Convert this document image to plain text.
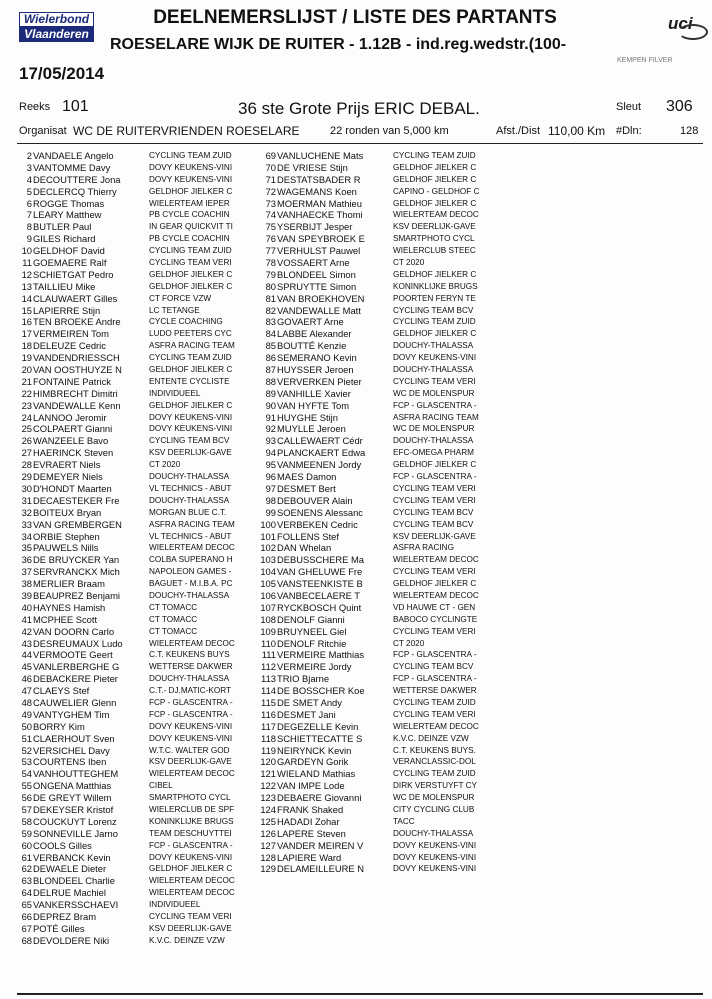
Wielerbond
Vlaanderen
DEELNEMERSLIJST / LISTE DES PARTANTS
ROESELARE WIJK DE RUITER - 1.12B - ind.reg.wedstr.(100-
uci
KEMPEN FILVER
17/05/2014
Reeks 101	36 ste Grote Prijs ERIC DEBAL.	Sleut 306
Organisat WC DE RUITERVRIENDEN ROESELARE	22 ronden van 5,000 km	Afst./Dist 110,00 Km #Dln:	128
2 VANDAELE Angelo	CYCLING TEAM ZUID
3 VANTOMME Davy	DOVY KEUKENS-VINI
4 DECOUTTERE Jona	DOVY KEUKENS-VINI
5 DECLERCQ Thierry	GELDHOF JIELKER C
6 ROGGE Thomas	WIELERTEAM IEPER
7 LEARY Matthew	PB CYCLE COACHIN
8 BUTLER Paul	IN GEAR QUICKVIT TI
9 GILES Richard	PB CYCLE COACHIN
10 GELDHOF David	CYCLING TEAM ZUID
11 GOEMAERE Ralf	CYCLING TEAM VERI
12 SCHIETGAT Pedro	GELDHOF JIELKER C
13 TAILLIEU Mike	GELDHOF JIELKER C
14 CLAUWAERT Gilles	CT FORCE VZW
15 LAPIERRE Stijn	LC TETANGE
16 TEN BROEKE Andre	CYCLE COACHING
17 VERMEIREN Tom	LUDO PEETERS CYC
18 DELEUZE Cedric	ASFRA RACING TEAM
19 VANDENDRIESSCH	CYCLING TEAM ZUID
20 VAN OOSTHUYZE N	GELDHOF JIELKER C
21 FONTAINE Patrick	ENTENTE CYCLISTE
22 HIMBRECHT Dimitri	INDIVIDUEEL
23 VANDEWALLE Kenn	GELDHOF JIELKER C
24 LANNOO Jeromir	DOVY KEUKENS-VINI
25 COLPAERT Gianni	DOVY KEUKENS-VINI
26 WANZEELE Bavo	CYCLING TEAM BCV
27 HAERINCK Steven	KSV DEERLIJK-GAVE
28 EVRAERT Niels	CT 2020
29 DEMEYER Niels	DOUCHY-THALASSA
30 D'HONDT Maarten	VL TECHNICS - ABUT
31 DECAESTEKER Fre	DOUCHY-THALASSA
32 BOITEUX Bryan	MORGAN BLUE C.T.
33 VAN GREMBERGEN	ASFRA RACING TEAM
34 ORBIE Stephen	VL TECHNICS - ABUT
35 PAUWELS Nills	WIELERTEAM DECOC
36 DE BRUYCKER Yan	COLBA SUPERANO H
37 SERVRANCKX Mich	NAPOLEON GAMES -
38 MERLIER Braam	BAGUET - M.I.B.A. PC
39 BEAUPREZ Benjami	DOUCHY-THALASSA
40 HAYNES Hamish	CT TOMACC
41 MCPHEE Scott	CT TOMACC
42 VAN DOORN Carlo	CT TOMACC
43 DESREUMAUX Ludo	WIELERTEAM DECOC
44 VERMOOTE Geert	C.T. KEUKENS BUYS
45 VANLERBERGHE G	WETTERSE DAKWER
46 DEBACKERE Pieter	DOUCHY-THALASSA
47 CLAEYS Stef	C.T.- DJ.MATIC-KORT
48 CAUWELIER Glenn	FCP - GLASCENTRA -
49 VANTYGHEM Tim	FCP - GLASCENTRA -
50 BORRY Kim	DOVY KEUKENS-VINI
51 CLAERHOUT Sven	DOVY KEUKENS-VINI
52 VERSICHEL Davy	W.T.C. WALTER GOD
53 COURTENS Iben	KSV DEERLIJK-GAVE
54 VANHOUTTEGHEM	WIELERTEAM DECOC
55 ONGENA Matthias	CIBEL
56 DE GREYT Willem	SMARTPHOTO CYCL
57 DEKEYSER Kristof	WIELERCLUB DE SPF
58 COUCKUYT Lorenz	KONINKLIJKE BRUGS
59 SONNEVILLE Jarno	TEAM DESCHUYTTEI
60 COOLS Gilles	FCP - GLASCENTRA -
61 VERBANCK Kevin	DOVY KEUKENS-VINI
62 DEWAELE Dieter	GELDHOF JIELKER C
63 BLONDEEL Charlie	WIELERTEAM DECOC
64 DELRUE Machiel	WIELERTEAM DECOC
65 VANKERSSCHAEVI	INDIVIDUEEL
66 DEPREZ Bram	CYCLING TEAM VERI
67 POTÉ Gilles	KSV DEERLIJK-GAVE
68 DEVOLDERE Niki	K.V.C. DEINZE VZW
69 VANLUCHENE Mats	CYCLING TEAM ZUID
70 DE VRIESE Stijn	GELDHOF JIELKER C
71 DESTATSBADER R	GELDHOF JIELKER C
72 WAGEMANS Koen	CAPINO - GELDHOF C
73 MOERMAN Mathieu	GELDHOF JIELKER C
74 VANHAECKE Thomi	WIELERTEAM DECOC
75 YSERBIJT Jesper	KSV DEERLIJK-GAVE
76 VAN SPEYBROEK E	SMARTPHOTO CYCL
77 VERHULST Pauwel	WIELERCLUB STEEC
78 VOSSAERT Arne	CT 2020
79 BLONDEEL Simon	GELDHOF JIELKER C
80 SPRUYTTE Simon	KONINKLIJKE BRUGS
81 VAN BROEKHOVEN	POORTEN FERYN TE
82 VANDEWALLE Matt	CYCLING TEAM BCV
83 GOVAERT Arne	CYCLING TEAM ZUID
84 LABBE Alexander	GELDHOF JIELKER C
85 BOUTTÉ Kenzie	DOUCHY-THALASSA
86 SEMERANO Kevin	DOVY KEUKENS-VINI
87 HUYSSER Jeroen	DOUCHY-THALASSA
88 VERVERKEN Pieter	CYCLING TEAM VERI
89 VANHILLE Xavier	WC DE MOLENSPUR
90 VAN HYFTE Tom	FCP - GLASCENTRA -
91 HUYGHE Stijn	ASFRA RACING TEAM
92 MUYLLE Jeroen	WC DE MOLENSPUR
93 CALLEWAERT Cédr	DOUCHY-THALASSA
94 PLANCKAERT Edwa	EFC-OMEGA PHARM
95 VANMEENEN Jordy	GELDHOF JIELKER C
96 MAES Damon	FCP - GLASCENTRA -
97 DESMET Bert	CYCLING TEAM VERI
98 DEBOUVER Alain	CYCLING TEAM VERI
99 SOENENS Alessanc	CYCLING TEAM BCV
100 VERBEKEN Cedric	CYCLING TEAM BCV
101 FOLLENS Stef	KSV DEERLIJK-GAVE
102 DAN Whelan	ASFRA RACING
103 DEBUSSCHERE Ma	WIELERTEAM DECOC
104 VAN GHELUWE Fre	CYCLING TEAM VERI
105 VANSTEENKISTE B	GELDHOF JIELKER C
106 VANBECELAERE T	WIELERTEAM DECOC
107 RYCKBOSCH Quint	VD HAUWE CT - GEN
108 DENOLF Gianni	BABOCO CYCLINGTE
109 BRUYNEEL Giel	CYCLING TEAM VERI
110 DENOLF Ritchie	CT 2020
111 VERMEIRE Matthias	FCP - GLASCENTRA -
112 VERMEIRE Jordy	CYCLING TEAM BCV
113 TRIO Bjarne	FCP - GLASCENTRA -
114 DE BOSSCHER Koe	WETTERSE DAKWER
115 DE SMET Andy	CYCLING TEAM ZUID
116 DESMET Jani	CYCLING TEAM VERI
117 DEGEZELLE Kevin	WIELERTEAM DECOC
118 SCHIETTECATTE S	K.V.C. DEINZE VZW
119 NEIRYNCK Kevin	C.T. KEUKENS BUYS.
120 GARDEYN Gorik	VERANCLASSIC-DOL
121 WIELAND Mathias	CYCLING TEAM ZUID
122 VAN IMPE Lode	DIRK VERSTUYFT CY
123 DEBAERE Giovanni	WC DE MOLENSPUR
124 FRANK Shaked	CITY CYCLING CLUB
125 HADADI Zohar	TACC
126 LAPERE Steven	DOUCHY-THALASSA
127 VANDER MEIREN V	DOVY KEUKENS-VINI
128 LAPIERE Ward	DOVY KEUKENS-VINI
129 DELAMEILLEURE N	DOVY KEUKENS-VINI
